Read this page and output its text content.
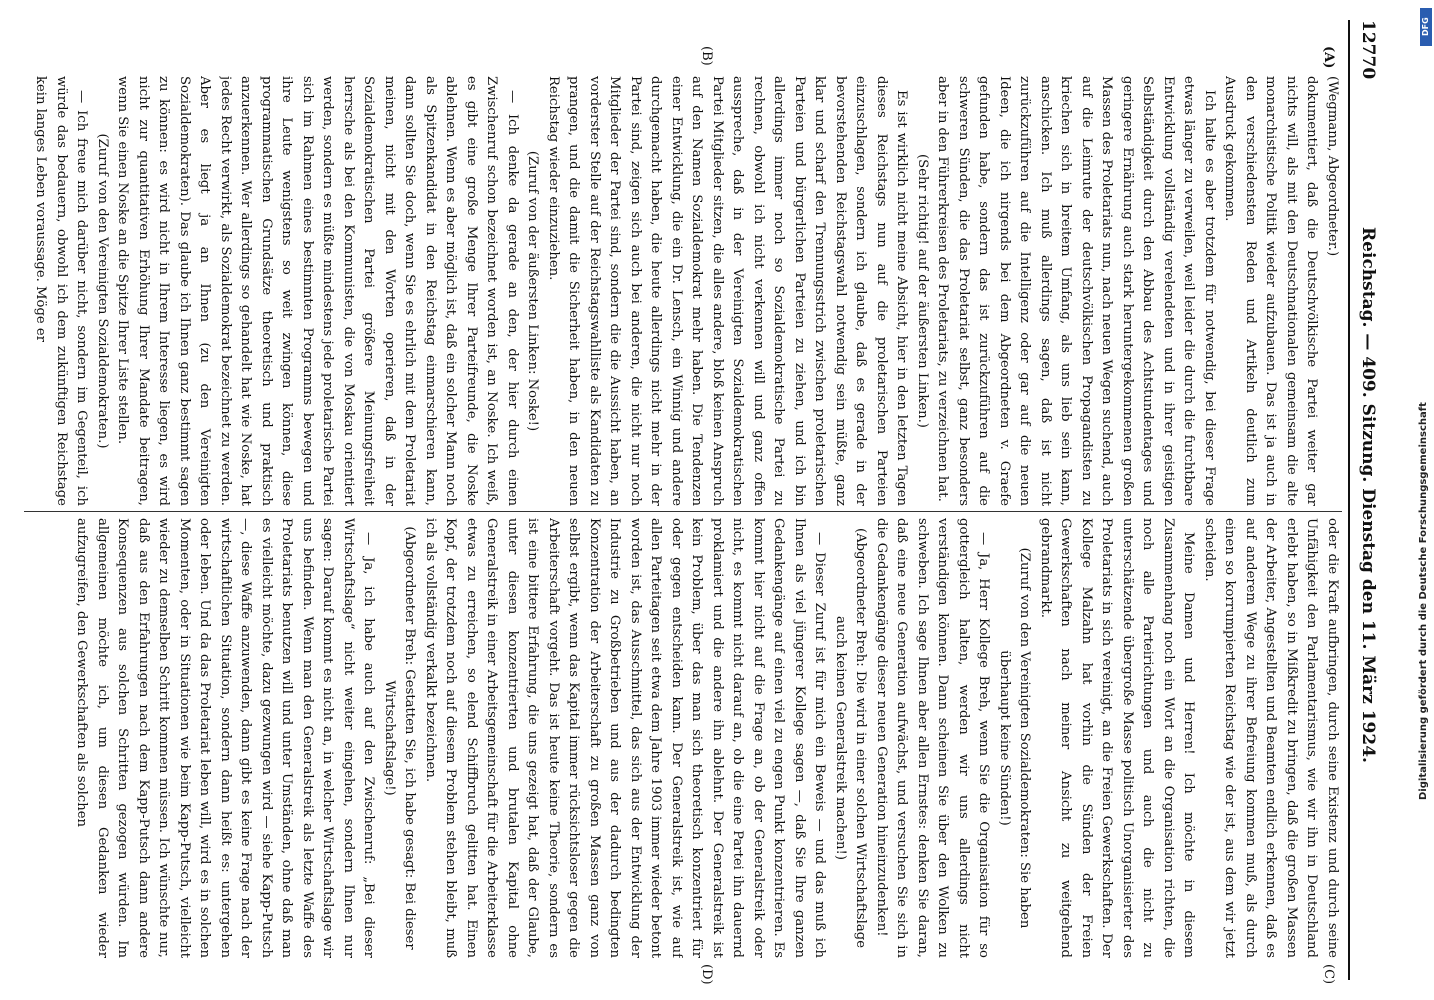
12770
Reichstag. — 409. Sitzung. Dienstag den 11. März 1924.
(A)
(B)
(C)
(D)

(Wegmann, Abgeordneter.)

dokumentiert, daß die Deutschvölkische Partei weiter gar nichts will, als mit den Deutschnationalen gemeinsam die alte monarchistische Politik wieder aufzubauen. Das ist ja auch in den verschiedensten Reden und Artikeln deutlich zum Ausdruck gekommen.

Ich halte es aber trotzdem für notwendig, bei dieser Frage etwas länger zu verweilen, weil leider die durch die furchtbare Entwicklung vollständig verelendeten und in ihrer geistigen Selbständigkeit durch den Abbau des Achtstundentages und geringere Ernährung auch stark heruntergekommenen großen Massen des Proletariats nun, nach neuen Wegen suchend, auch auf die Leimrute der deutschvölkischen Propagandisten zu kriechen sich in breitem Umfang, als uns lieb sein kann, anschicken. Ich muß allerdings sagen, daß ist nicht zurückzuführen auf die Intelligenz oder gar auf die neuen Ideen, die ich nirgends bei dem Abgeordneten v. Graefe gefunden habe, sondern das ist zurückzuführen auf die schweren Sünden, die das Proletariat selbst, ganz besonders aber in den Führerkreisen des Proletariats, zu verzeichnen hat.

(Sehr richtig! auf der äußersten Linken.)

Es ist wirklich nicht meine Absicht, hier in den letzten Tagen dieses Reichstags nun auf die proletarischen Parteien einzuschlagen, sondern ich glaube, daß es gerade in der bevorstehenden Reichstagswahl notwendig sein müßte, ganz klar und scharf den Trennungsstrich zwischen proletarischen Parteien und bürgerlichen Parteien zu ziehen, und ich bin allerdings immer noch so Sozialdemokratische Partei zu rechnen, obwohl ich nicht verkennen will und ganz offen ausspreche, daß in der Vereinigten Sozialdemokratischen Partei Mitglieder sitzen, die alles andere, bloß keinen Anspruch auf den Namen Sozialdemokrat mehr haben. Die Tendenzen einer Entwicklung, die ein Dr. Lensch, ein Winnig und andere durchgemacht haben, die heute allerdings nicht mehr in der Partei sind, zeigen sich auch bei anderen, die nicht nur noch Mitglieder der Partei sind, sondern die die Aussicht haben, an vorderster Stelle auf der Reichstagswahlliste als Kandidaten zu prangen, und die damit die Sicherheit haben, in den neuen Reichstag wieder einzuziehen.

(Zuruf von der äußersten Linken: Noske!)

— Ich denke da gerade an den, der hier durch einen Zwischenruf schon bezeichnet worden ist, an Noske. Ich weiß, es gibt eine große Menge Ihrer Parteifreunde, die Noske ablehnen. Wenn es aber möglich ist, daß ein solcher Mann noch als Spitzenkandidat in den Reichstag einmarschieren kann, dann sollten Sie doch, wenn Sie es ehrlich mit dem Proletariat meinen, nicht mit den Worten operieren, daß in der Sozialdemokratischen Partei größere Meinungsfreiheit herrsche als bei den Kommunisten, die von Moskau orientiert werden, sondern es müßte mindestens jede proletarische Partei sich im Rahmen eines bestimmten Programms bewegen und ihre Leute wenigstens so weit zwingen können, diese programmatischen Grundsätze theoretisch und praktisch anzuerkennen. Wer allerdings so gehandelt hat wie Noske, hat jedes Recht verwirkt, als Sozialdemokrat bezeichnet zu werden. Aber es liegt ja an Ihnen (zu den Vereinigten Sozialdemokraten). Das glaube ich Ihnen ganz bestimmt sagen zu können: es wird nicht in Ihrem Interesse liegen, es wird nicht zur quantitativen Erhöhung Ihrer Mandate beitragen, wenn Sie einen Noske an die Spitze Ihrer Liste stellen.

(Zuruf von den Vereinigten Sozialdemokraten.)

— Ich freue mich darüber nicht, sondern im Gegenteil, ich würde das bedauern, obwohl ich dem zukünftigen Reichstage kein langes Leben voraussage. Möge er

oder die Kraft aufbringen, durch seine Existenz und durch seine Unfähigkeit den Parlamentarismus, wie wir ihn in Deutschland erlebt haben, so in Mißkredit zu bringen, daß die großen Massen der Arbeiter, Angestellten und Beamten endlich erkennen, daß es auf anderem Wege zu ihrer Befreiung kommen muß, als durch einen so korrumpierten Reichstag wie der ist, aus dem wir jetzt scheiden.

Meine Damen und Herren! Ich möchte in diesem Zusammenhang noch ein Wort an die Organisation richten, die noch alle Parteirichtungen und auch die nicht zu unterschätzende übergroße Masse politisch Unorganisierter des Proletariats in sich vereinigt, an die Freien Gewerkschaften. Der Kollege Malzahn hat vorhin die Sünden der Freien Gewerkschaften nach meiner Ansicht zu weitgehend gebrandmarkt.

(Zuruf von den Vereinigten Sozialdemokraten: Sie haben überhaupt keine Sünden!)

— Ja, Herr Kollege Breh, wenn Sie die Organisation für so gottergleich halten, werden wir uns allerdings nicht verständigen können. Dann scheinen Sie über den Wolken zu schweben. Ich sage Ihnen aber allen Ernstes: denken Sie daran, daß eine neue Generation aufwächst, und versuchen Sie sich in die Gedankengänge dieser neuen Generation hineinzudenken!

(Abgeordneter Breh: Die wird in einer solchen Wirtschaftslage auch keinen Generalstreik machen!)

— Dieser Zuruf ist für mich ein Beweis — und das muß ich Ihnen als viel jüngerer Kollege sagen —, daß Sie Ihre ganzen Gedankengänge auf einen viel zu engen Punkt konzentrieren. Es kommt hier nicht auf die Frage an, ob der Generalstreik oder nicht, es kommt nicht darauf an, ob die eine Partei ihn dauernd proklamiert und die andere ihn ablehnt. Der Generalstreik ist kein Problem, über das man sich theoretisch konzentriert für oder gegen entscheiden kann. Der Generalstreik ist, wie auf allen Parteitagen seit etwa dem Jahre 1903 immer wieder betont worden ist, das Ausschmittel, das sich aus der Entwicklung der Industrie zu Großbetrieben und aus der dadurch bedingten Konzentration der Arbeiterschaft zu großen Massen ganz von selbst ergibt, wenn das Kapital immer rücksichtsloser gegen die Arbeiterschaft vorgeht. Das ist heute keine Theorie, sondern es ist eine bittere Erfahrung, die uns gezeigt hat, daß der Glaube, unter diesen konzentrierten und brutalen Kapital ohne Generalstreik in einer Arbeitsgemeinschaft für die Arbeiterklasse etwas zu erreichen, so elend Schiffbruch gelitten hat. Einen Kopf, der trotzdem noch auf diesem Problem stehen bleibt, muß ich als vollständig verkalkt bezeichnen.

(Abgeordneter Breh: Gestatten Sie, ich habe gesagt: Bei dieser Wirtschaftslage!)

— Ja, ich habe auch auf den Zwischenruf: „Bei dieser Wirtschaftslage“ nicht weiter eingehen, sondern Ihnen nur sagen: Darauf kommt es nicht an, in welcher Wirtschaftslage wir uns befinden. Wenn man den Generalstreik als letzte Waffe des Proletariats benutzen will und unter Umständen, ohne daß man es vielleicht möchte, dazu gezwungen wird — siehe Kapp-Putsch —, diese Waffe anzuwenden, dann gibt es keine Frage nach der wirtschaftlichen Situation, sondern dann heißt es: untergehen oder leben. Und da das Proletariat leben will, wird es in solchen Momenten, oder in Situationen wie beim Kapp-Putsch, vielleicht wieder zu demselben Schritt kommen müssen. Ich wünschte nur, daß aus den Erfahrungen nach dem Kapp-Putsch dann andere Konsequenzen aus solchen Schritten gezogen würden. Im allgemeinen möchte ich, um diesen Gedanken wieder aufzugreifen, den Gewerkschaften als solchen

DFG
Digitalisierung gefördert durch die Deutsche Forschungsgemeinschaft
